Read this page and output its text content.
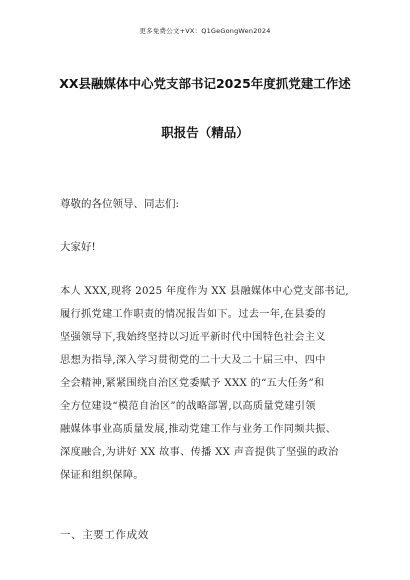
更多免费公文+VX：Q1GeGongWen2024
XX县融媒体中心党支部书记2025年度抓党建工作述
职报告（精品）
尊敬的各位领导、同志们:
大家好!
本人 XXX,现将 2025 年度作为 XX 县融媒体中心党支部书记,
履行抓党建工作职责的情况报告如下。过去一年,在县委的
坚强领导下,我始终坚持以习近平新时代中国特色社会主义
思想为指导,深入学习贯彻党的二十大及二十届三中、四中
全会精神,紧紧围绕自治区党委赋予 XXX 的“五大任务”和
全方位建设“模范自治区”的战略部署,以高质量党建引领
融媒体事业高质量发展,推动党建工作与业务工作同频共振、
深度融合,为讲好 XX 故事、传播 XX 声音提供了坚强的政治
保证和组织保障。
一、主要工作成效
